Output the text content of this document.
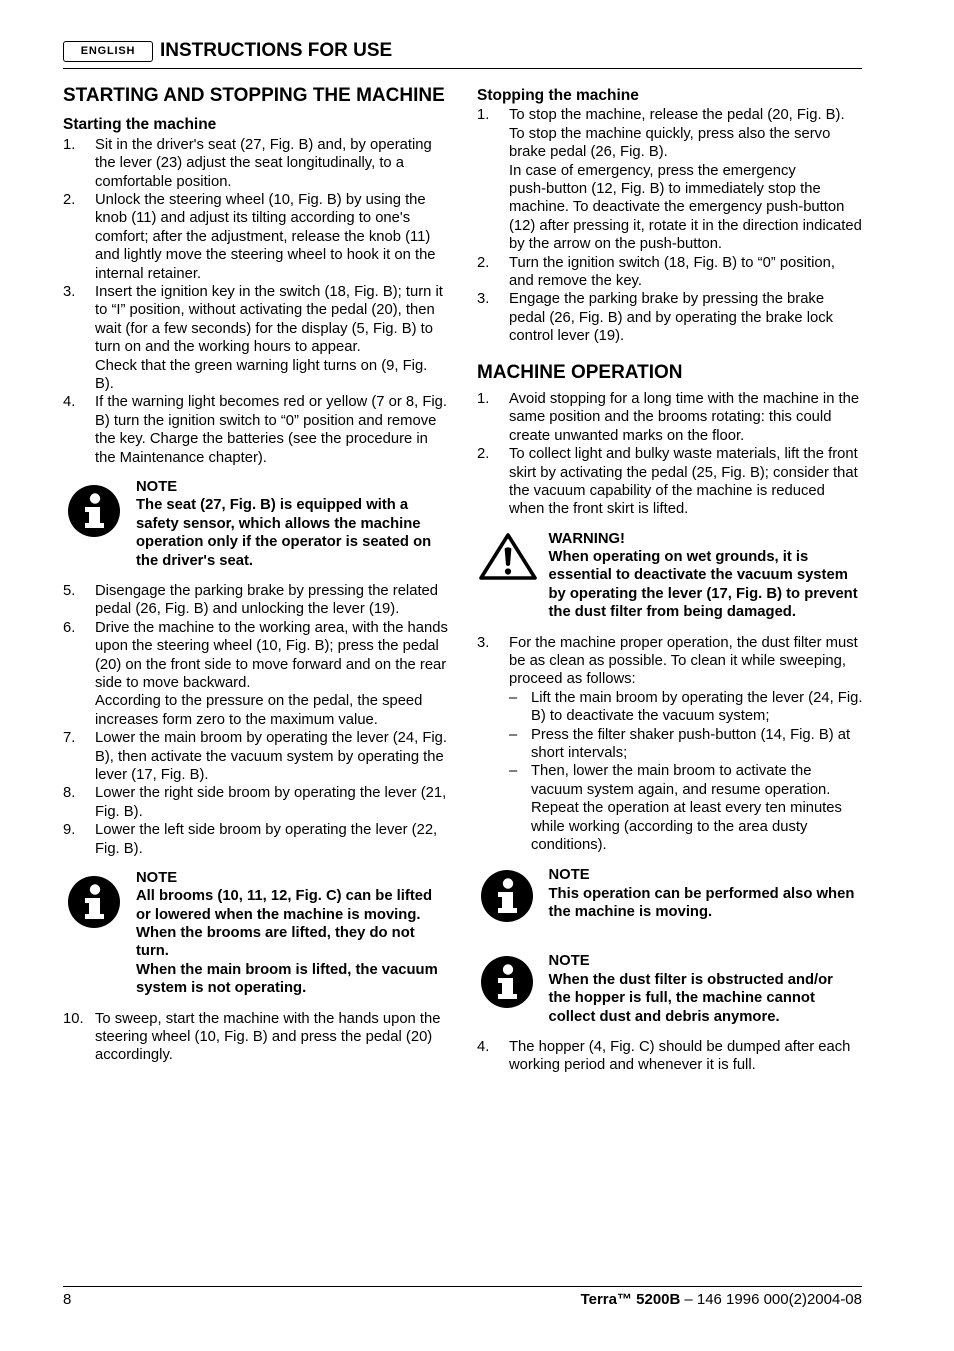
ENGLISH	INSTRUCTIONS FOR USE
STARTING AND STOPPING THE MACHINE
Starting the machine
1. Sit in the driver's seat (27, Fig. B) and, by operating
the lever (23) adjust the seat longitudinally, to a
comfortable position.
2. Unlock the steering wheel (10, Fig. B) by using the
knob (11) and adjust its tilting according to one's
comfort; after the adjustment, release the knob (11)
and lightly move the steering wheel to hook it on the
internal retainer.
3. Insert the ignition key in the switch (18, Fig. B); turn it
to “I” position, without activating the pedal (20), then
wait (for a few seconds) for the display (5, Fig. B) to
turn on and the working hours to appear.
Check that the green warning light turns on (9, Fig.
B).
4. If the warning light becomes red or yellow (7 or 8, Fig.
B) turn the ignition switch to “0” position and remove
the key. Charge the batteries (see the procedure in
the Maintenance chapter).
NOTE
The seat (27, Fig. B) is equipped with a
safety sensor, which allows the machine
operation only if the operator is seated on
the driver's seat.
5. Disengage the parking brake by pressing the related
pedal (26, Fig. B) and unlocking the lever (19).
6. Drive the machine to the working area, with the hands
upon the steering wheel (10, Fig. B); press the pedal
(20) on the front side to move forward and on the rear
side to move backward.
According to the pressure on the pedal, the speed
increases form zero to the maximum value.
7. Lower the main broom by operating the lever (24, Fig.
B), then activate the vacuum system by operating the
lever (17, Fig. B).
8. Lower the right side broom by operating the lever (21,
Fig. B).
9. Lower the left side broom by operating the lever (22,
Fig. B).
NOTE
All brooms (10, 11, 12, Fig. C) can be lifted
or lowered when the machine is moving.
When the brooms are lifted, they do not
turn.
When the main broom is lifted, the vacuum
system is not operating.
10. To sweep, start the machine with the hands upon the
steering wheel (10, Fig. B) and press the pedal (20)
accordingly.
Stopping the machine
1. To stop the machine, release the pedal (20, Fig. B).
To stop the machine quickly, press also the servo
brake pedal (26, Fig. B).
In case of emergency, press the emergency
push-button (12, Fig. B) to immediately stop the
machine. To deactivate the emergency push-button
(12) after pressing it, rotate it in the direction indicated
by the arrow on the push-button.
2. Turn the ignition switch (18, Fig. B) to “0” position,
and remove the key.
3. Engage the parking brake by pressing the brake
pedal (26, Fig. B) and by operating the brake lock
control lever (19).
MACHINE OPERATION
1. Avoid stopping for a long time with the machine in the
same position and the brooms rotating: this could
create unwanted marks on the floor.
2. To collect light and bulky waste materials, lift the front
skirt by activating the pedal (25, Fig. B); consider that
the vacuum capability of the machine is reduced
when the front skirt is lifted.
WARNING!
When operating on wet grounds, it is
essential to deactivate the vacuum system
by operating the lever (17, Fig. B) to prevent
the dust filter from being damaged.
3. For the machine proper operation, the dust filter must
be as clean as possible. To clean it while sweeping,
proceed as follows:
– Lift the main broom by operating the lever (24, Fig.
B) to deactivate the vacuum system;
– Press the filter shaker push-button (14, Fig. B) at
short intervals;
– Then, lower the main broom to activate the
vacuum system again, and resume operation.
Repeat the operation at least every ten minutes
while working (according to the area dusty
conditions).
NOTE
This operation can be performed also when
the machine is moving.
NOTE
When the dust filter is obstructed and/or
the hopper is full, the machine cannot
collect dust and debris anymore.
4. The hopper (4, Fig. C) should be dumped after each
working period and whenever it is full.
8	Terra™ 5200B – 146 1996 000(2)2004-08
